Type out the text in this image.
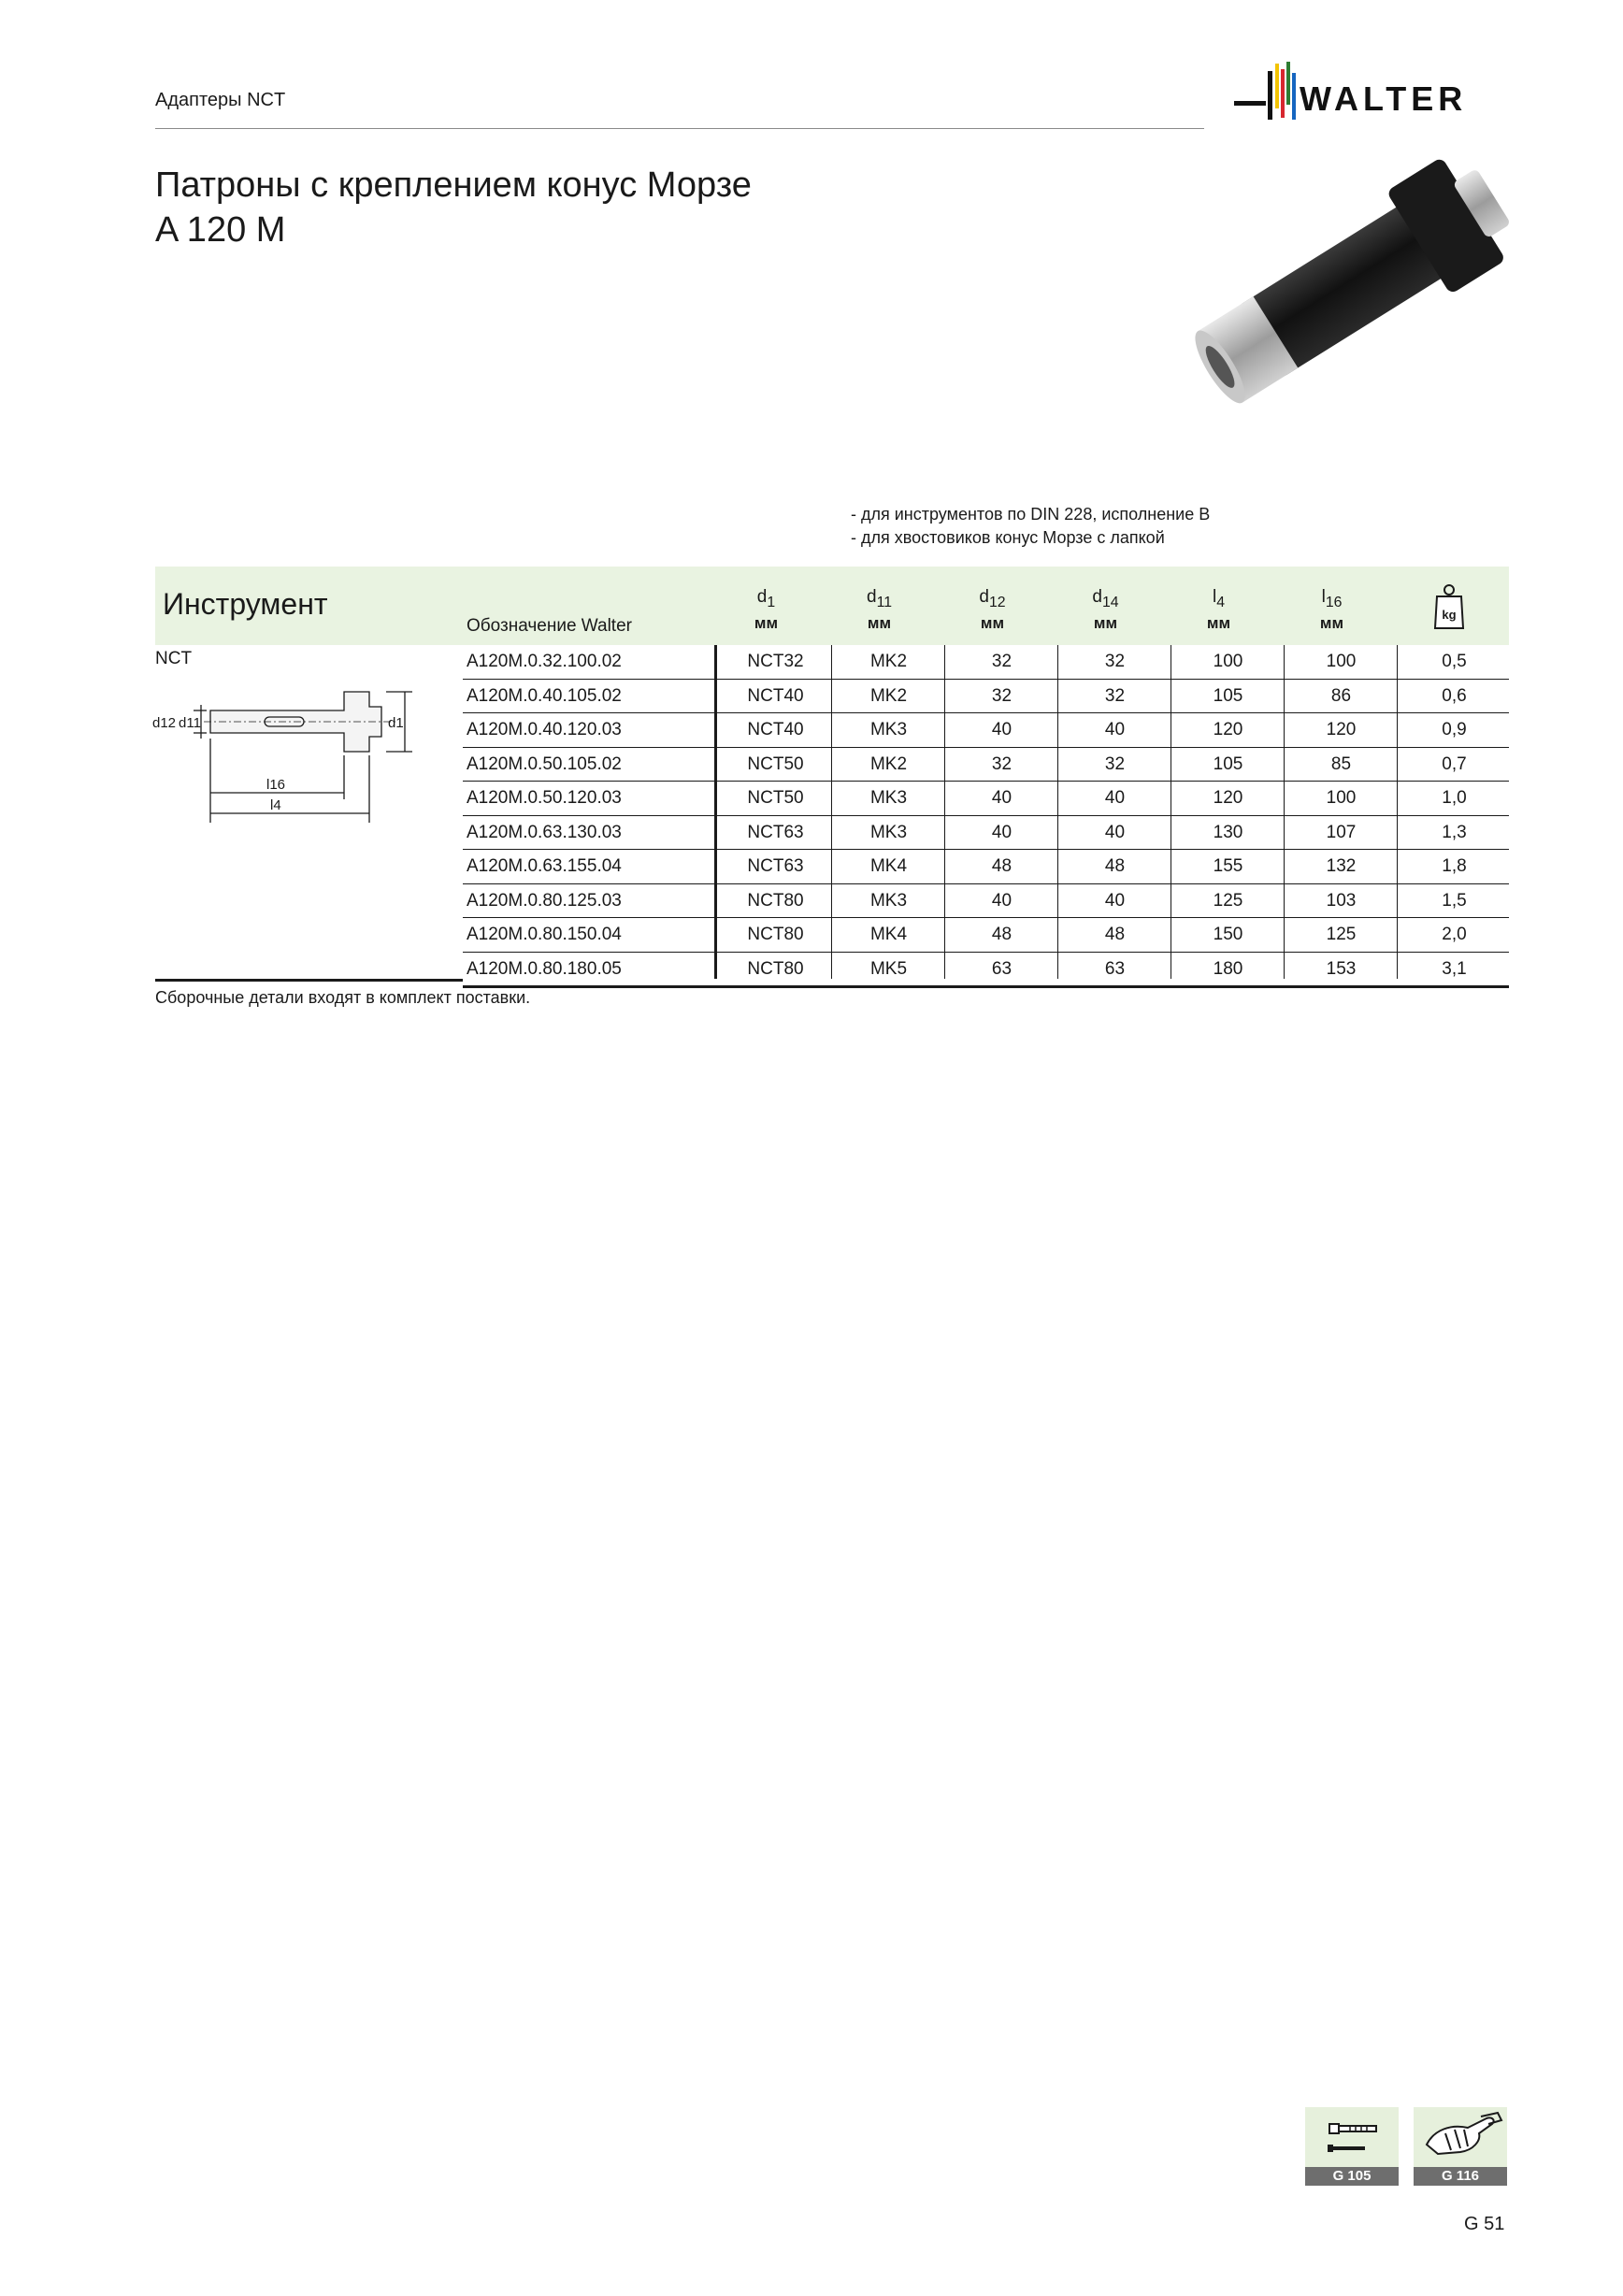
Адаптеры NCT	WALTER
Патроны с креплением конус Морзе
A 120 M
- для инструментов по DIN 228, исполнение B
- для хвостовиков конус Морзе с лапкой
Инструмент
Обозначение Walter
$d_1$
мм
$d_{11}$
мм
$d_{12}$
мм
$d_{14}$
мм
$l_4$
мм
$l_{16}$
мм	kg
NCT
d12 d11	d1
l16
l4
A120M.0.32.100.02	NCT32	MK2	32	32	100	100	0,5
A120M.0.40.105.02	NCT40	MK2	32	32	105	86	0,6
A120M.0.40.120.03	NCT40	MK3	40	40	120	120	0,9
A120M.0.50.105.02	NCT50	MK2	32	32	105	85	0,7
A120M.0.50.120.03	NCT50	MK3	40	40	120	100	1,0
A120M.0.63.130.03	NCT63	MK3	40	40	130	107	1,3
A120M.0.63.155.04	NCT63	MK4	48	48	155	132	1,8
A120M.0.80.125.03	NCT80	MK3	40	40	125	103	1,5
A120M.0.80.150.04	NCT80	MK4	48	48	150	125	2,0
A120M.0.80.180.05	NCT80	MK5	63	63	180	153	3,1
Сборочные детали входят в комплект поставки.
G 105	G 116
G 51
